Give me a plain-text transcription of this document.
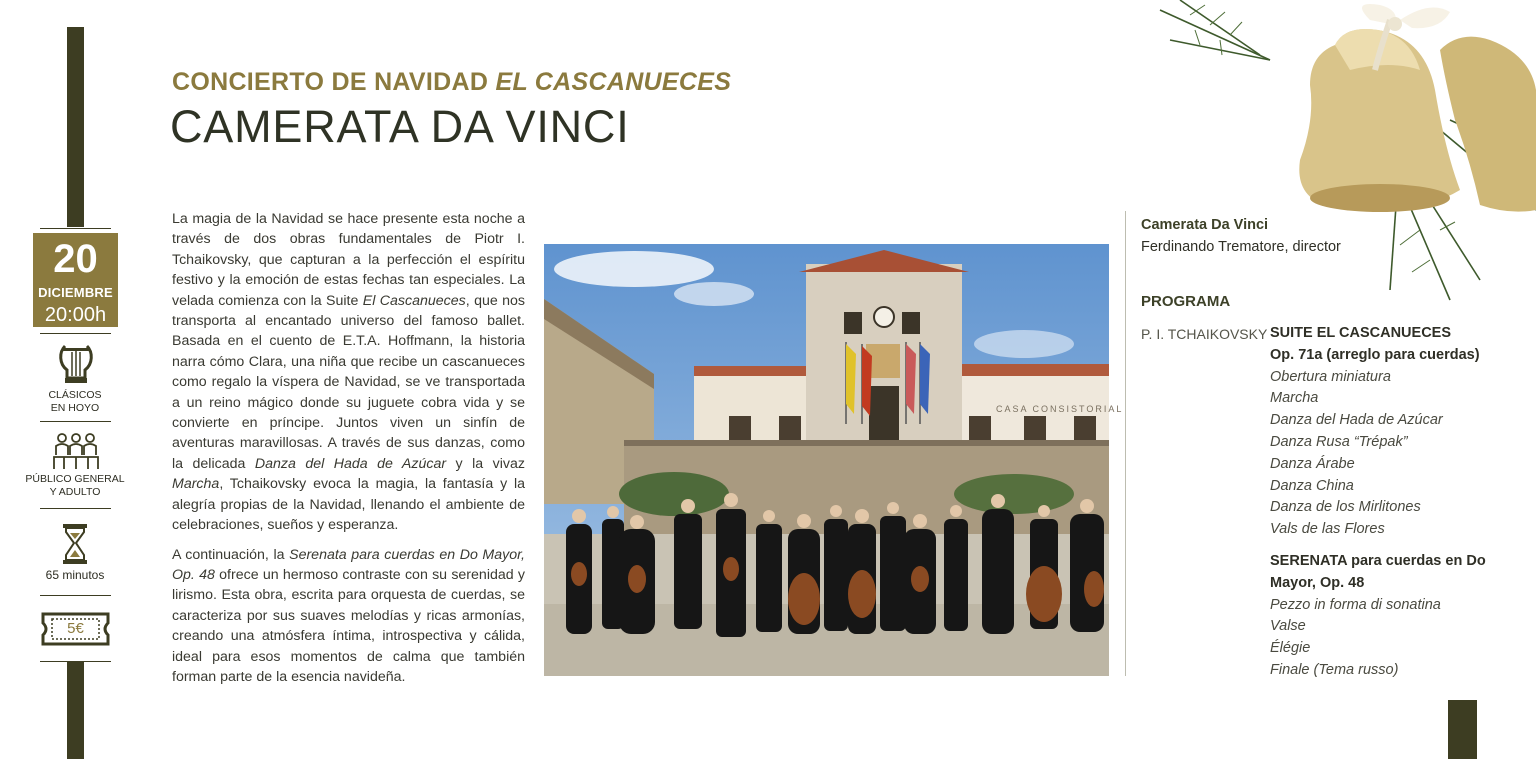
20
DICIEMBRE
20:00h
CLÁSICOS
EN HOYO
PÚBLICO GENERAL
Y ADULTO
65 minutos
5€
CONCIERTO DE NAVIDAD EL CASCANUECES
CAMERATA DA VINCI

La magia de la Navidad se hace presente esta noche a través de dos obras fundamentales de Piotr I. Tchaikovsky, que capturan a la perfección el espíritu festivo y la emoción de estas fechas tan especiales. La velada comienza con la Suite El Cascanueces, que nos transporta al encantado universo del famoso ballet. Basada en el cuento de E.T.A. Hoffmann, la historia narra cómo Clara, una niña que recibe un cascanueces como regalo la víspera de Navidad, se ve transportada a un reino mágico donde su juguete cobra vida y se convierte en príncipe. Juntos viven un sinfín de aventuras maravillosas. A través de sus danzas, como la delicada Danza del Hada de Azúcar y la vivaz Marcha, Tchaikovsky evoca la magia, la fantasía y la alegría propias de la Navidad, llenando el ambiente de celebraciones, sueños y esperanza.

A continuación, la Serenata para cuerdas en Do Mayor, Op. 48 ofrece un hermoso contraste con su serenidad y lirismo. Esta obra, escrita para orquesta de cuerdas, se caracteriza por sus suaves melodías y ricas armonías, creando una atmósfera íntima, introspectiva y cálida, ideal para esos momentos de calma que también forman parte de la esencia navideña.

CASA CONSISTORIAL
Camerata Da Vinci
Ferdinando Trematore, director
PROGRAMA
P. I. TCHAIKOVSKY SUITE EL CASCANUECES
Op. 71a (arreglo para cuerdas)
Obertura miniatura
Marcha
Danza del Hada de Azúcar
Danza Rusa “Trépak”
Danza Árabe
Danza China
Danza de los Mirlitones
Vals de las Flores
SERENATA para cuerdas en Do
Mayor, Op. 48
Pezzo in forma di sonatina
Valse
Élégie
Finale (Tema russo)
